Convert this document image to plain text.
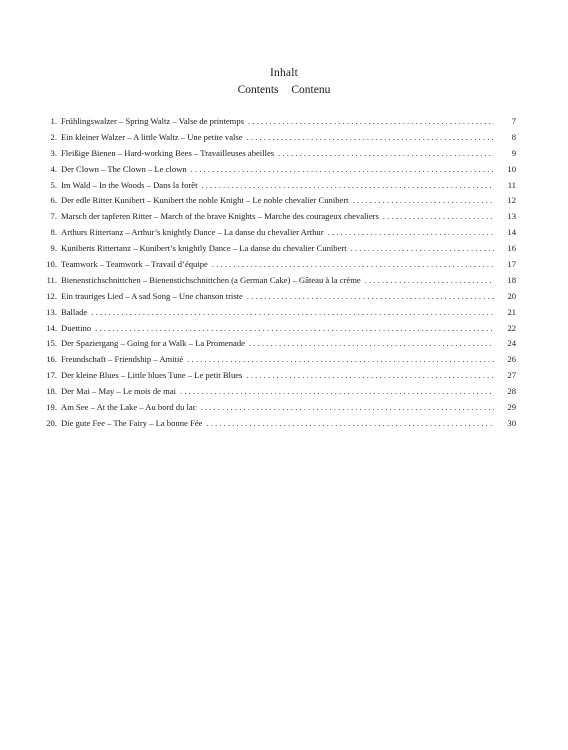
Inhalt
Contents Contenu
1. Frühlingswalzer – Spring Waltz – Valse de printemps . . .	7
2. Ein kleiner Walzer – A little Waltz – Une petite valse . . .	8
3. Fleißige Bienen – Hard-working Bees – Travailleuses abeilles . . .	9
4. Der Clown – The Clown – Le clown . . .	10
5. Im Wald – In the Woods – Dans la forêt . . .	11
6. Der edle Ritter Kunibert – Kunibert the noble Knight – Le noble chevalier Cunibert . . .	12
7. Marsch der tapferen Ritter – March of the brave Knights – Marche des courageux chevaliers . . .	13
8. Arthurs Rittertanz – Arthur’s knightly Dance – La danse du chevalier Arthur . . .	14
9. Kuniberts Rittertanz – Kunibert’s knightly Dance – La danse du chevalier Cunibert . . .	16
10. Teamwork – Teamwork – Travail d’équipe . . .	17
11. Bienenstichschnittchen – Bienenstichschnittchen (a German Cake) – Gâteau à la crème . . .	18
12. Ein trauriges Lied – A sad Song – Une chanson triste . . .	20
13. Ballade . . .	21
14. Duettino . . .	22
15. Der Spaziergang – Going for a Walk – La Promenade . . .	24
16. Freundschaft – Friendship – Amitié . . .	26
17. Der kleine Blues – Little blues Tune – Le petit Blues . . .	27
18. Der Mai – May – Le mois de mai . . .	28
19. Am See – At the Lake – Au bord du lac . . .	29
20. Die gute Fee – The Fairy – La bonne Fée . . .	30
